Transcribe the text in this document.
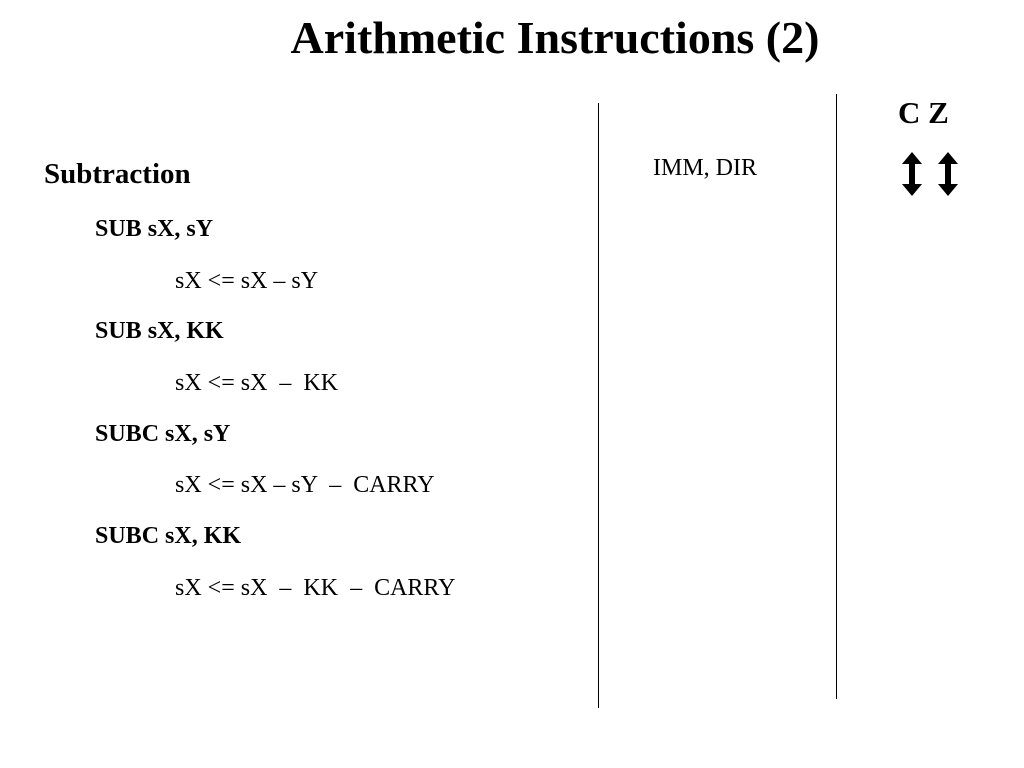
Arithmetic Instructions (2)
Subtraction
SUB sX, sY
sX <= sX – sY
SUB sX, KK
sX <= sX  –  KK
SUBC sX, sY
sX <= sX – sY  –  CARRY
SUBC sX, KK
sX <= sX  –  KK  –  CARRY
IMM, DIR
C Z
